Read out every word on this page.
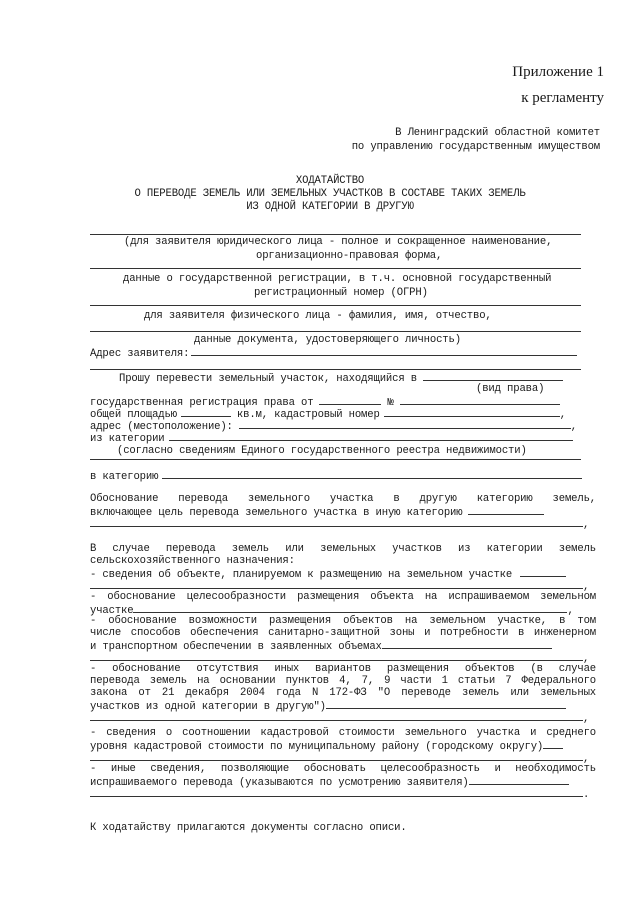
Приложение 1
к регламенту
В Ленинградский областной комитет
по управлению государственным имуществом
ХОДАТАЙСТВО
О ПЕРЕВОДЕ ЗЕМЕЛЬ ИЛИ ЗЕМЕЛЬНЫХ УЧАСТКОВ В СОСТАВЕ ТАКИХ ЗЕМЕЛЬ
ИЗ ОДНОЙ КАТЕГОРИИ В ДРУГУЮ
(для заявителя юридического лица - полное и сокращенное наименование,
организационно-правовая форма,
данные о государственной регистрации, в т.ч. основной государственный
регистрационный номер (ОГРН)
для заявителя физического лица - фамилия, имя, отчество,
данные документа, удостоверяющего личность)
Адрес заявителя:
Прошу перевести земельный участок, находящийся в
(вид права)
государственная регистрация права от	№
общей площадью	кв.м, кадастровый номер	,
адрес (местоположение):	,
из категории
(согласно сведениям Единого государственного реестра недвижимости)
в категорию
Обоснование перевода земельного участка в другую категорию земель,
включающее цель перевода земельного участка в иную категорию
,
В случае перевода земель или земельных участков из категории земель
сельскохозяйственного назначения:
- сведения об объекте, планируемом к размещению на земельном участке
,
- обоснование целесообразности размещения объекта на испрашиваемом земельном
участке	,
- обоснование возможности размещения объектов на земельном участке, в том
числе способов обеспечения санитарно-защитной зоны и потребности в инженерном
и транспортном обеспечении в заявленных объемах
,
- обоснование отсутствия иных вариантов размещения объектов (в случае
перевода земель на основании пунктов 4, 7, 9 части 1 статьи 7 Федерального
закона от 21 декабря 2004 года N 172-ФЗ "О переводе земель или земельных
участков из одной категории в другую")
,
- сведения о соотношении кадастровой стоимости земельного участка и среднего
уровня кадастровой стоимости по муниципальному району (городскому округу)
,
- иные сведения, позволяющие обосновать целесообразность и необходимость
испрашиваемого перевода (указываются по усмотрению заявителя)
.
К ходатайству прилагаются документы согласно описи.
